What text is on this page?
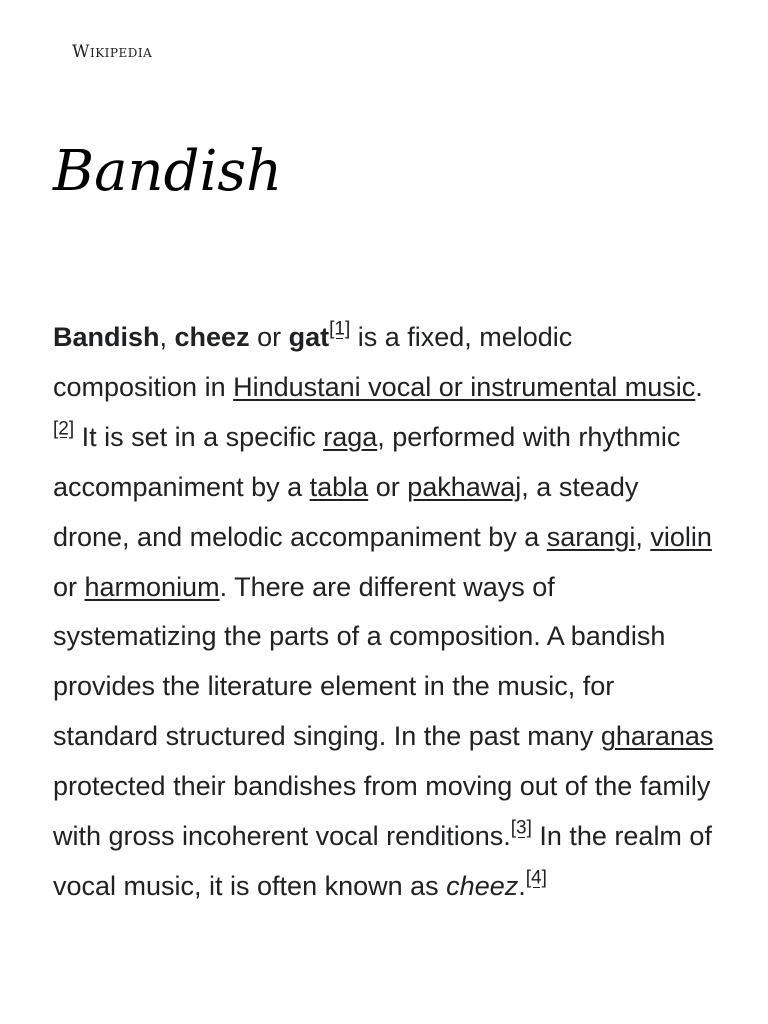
Wikipedia
Bandish

Bandish, cheez or gat[1] is a fixed, melodic composition in Hindustani vocal or instrumental music.[2] It is set in a specific raga, performed with rhythmic accompaniment by a tabla or pakhawaj, a steady drone, and melodic accompaniment by a sarangi, violin or harmonium. There are different ways of systematizing the parts of a composition. A bandish provides the literature element in the music, for standard structured singing. In the past many gharanas protected their bandishes from moving out of the family with gross incoherent vocal renditions.[3] In the realm of vocal music, it is often known as cheez.[4]
